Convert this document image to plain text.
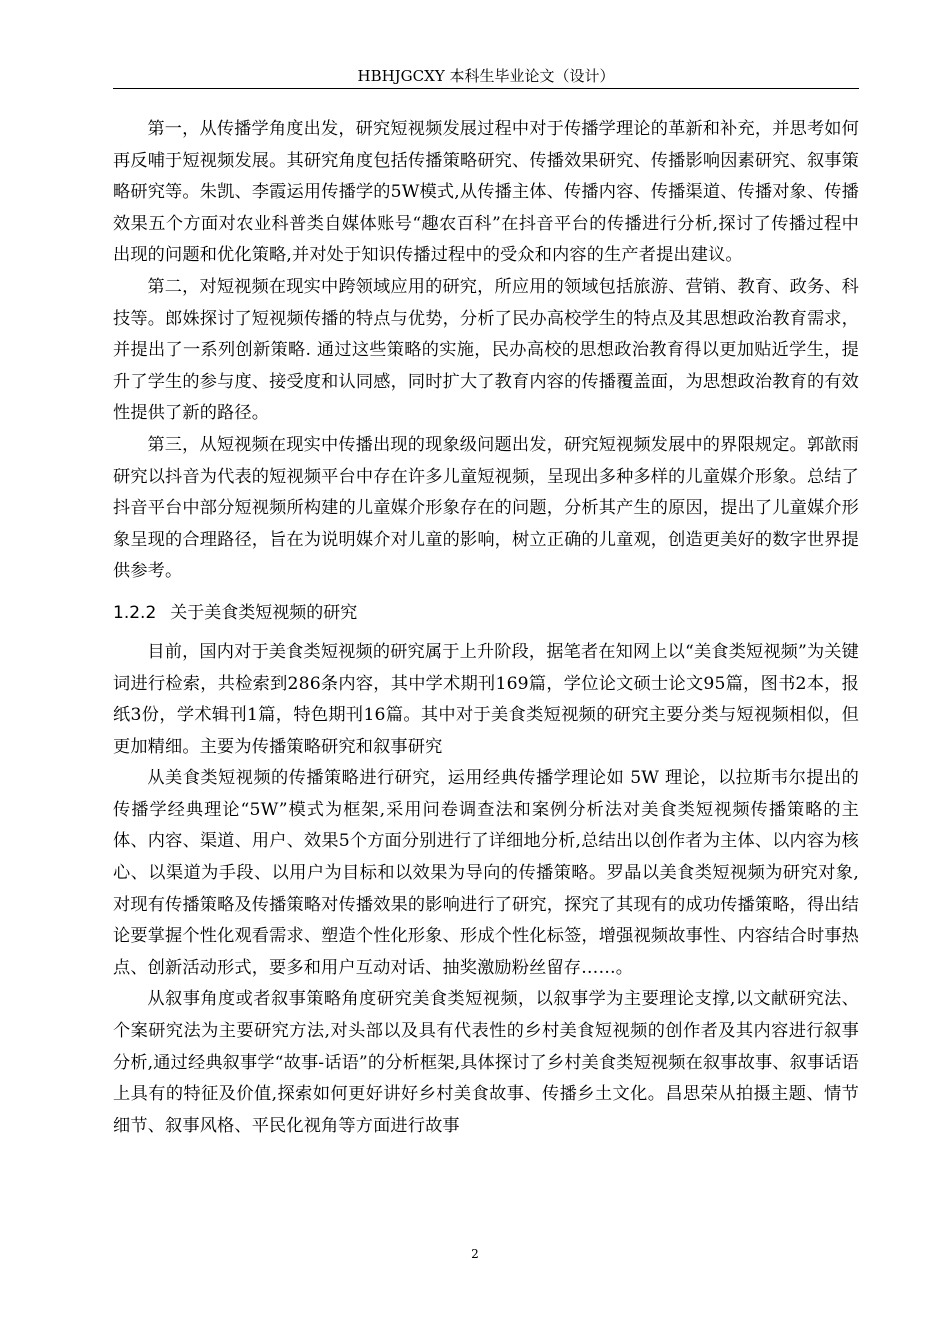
HBHJGCXY 本科生毕业论文（设计）

第一，从传播学角度出发，研究短视频发展过程中对于传播学理论的革新和补充，并思考如何再反哺于短视频发展。其研究角度包括传播策略研究、传播效果研究、传播影响因素研究、叙事策略研究等。朱凯、李霞运用传播学的5W模式,从传播主体、传播内容、传播渠道、传播对象、传播效果五个方面对农业科普类自媒体账号“趣农百科”在抖音平台的传播进行分析,探讨了传播过程中出现的问题和优化策略,并对处于知识传播过程中的受众和内容的生产者提出建议。

第二，对短视频在现实中跨领域应用的研究，所应用的领域包括旅游、营销、教育、政务、科技等。郎姝探讨了短视频传播的特点与优势，分析了民办高校学生的特点及其思想政治教育需求，并提出了一系列创新策略. 通过这些策略的实施，民办高校的思想政治教育得以更加贴近学生，提升了学生的参与度、接受度和认同感，同时扩大了教育内容的传播覆盖面，为思想政治教育的有效性提供了新的路径。

第三，从短视频在现实中传播出现的现象级问题出发，研究短视频发展中的界限规定。郭歆雨研究以抖音为代表的短视频平台中存在许多儿童短视频，呈现出多种多样的儿童媒介形象。总结了抖音平台中部分短视频所构建的儿童媒介形象存在的问题，分析其产生的原因，提出了儿童媒介形象呈现的合理路径，旨在为说明媒介对儿童的影响，树立正确的儿童观，创造更美好的数字世界提供参考。

1.2.2 关于美食类短视频的研究

目前，国内对于美食类短视频的研究属于上升阶段，据笔者在知网上以“美食类短视频”为关键词进行检索，共检索到286条内容，其中学术期刊169篇，学位论文硕士论文95篇，图书2本，报纸3份，学术辑刊1篇，特色期刊16篇。其中对于美食类短视频的研究主要分类与短视频相似，但更加精细。主要为传播策略研究和叙事研究

从美食类短视频的传播策略进行研究，运用经典传播学理论如 5W 理论，以拉斯韦尔提出的传播学经典理论“5W”模式为框架,采用问卷调查法和案例分析法对美食类短视频传播策略的主体、内容、渠道、用户、效果5个方面分别进行了详细地分析,总结出以创作者为主体、以内容为核心、以渠道为手段、以用户为目标和以效果为导向的传播策略。罗晶以美食类短视频为研究对象,对现有传播策略及传播策略对传播效果的影响进行了研究，探究了其现有的成功传播策略，得出结论要掌握个性化观看需求、塑造个性化形象、形成个性化标签，增强视频故事性、内容结合时事热点、创新活动形式，要多和用户互动对话、抽奖激励粉丝留存……。

从叙事角度或者叙事策略角度研究美食类短视频，以叙事学为主要理论支撑,以文献研究法、个案研究法为主要研究方法,对头部以及具有代表性的乡村美食短视频的创作者及其内容进行叙事分析,通过经典叙事学“故事-话语”的分析框架,具体探讨了乡村美食类短视频在叙事故事、叙事话语上具有的特征及价值,探索如何更好讲好乡村美食故事、传播乡土文化。昌思荣从拍摄主题、情节细节、叙事风格、平民化视角等方面进行故事

2
